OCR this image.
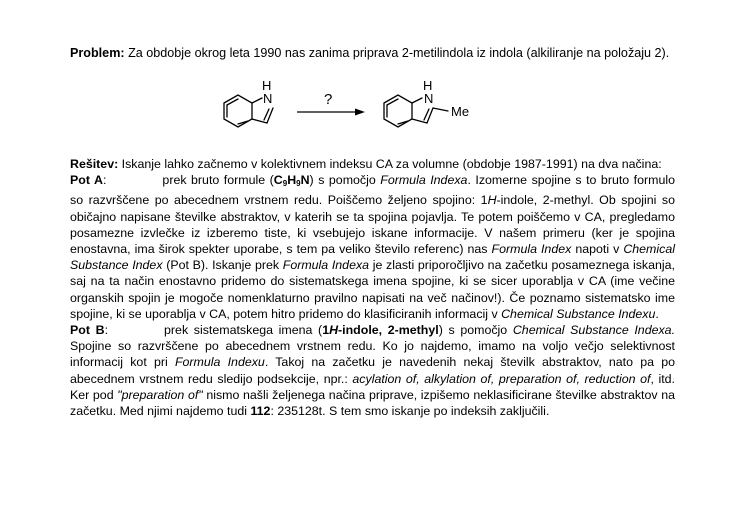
Problem: Za obdobje okrog leta 1990 nas zanima priprava 2-metilindola iz indola (alkiliranje na položaju 2).
H
N	?
H
N
Me

Rešitev: Iskanje lahko začnemo v kolektivnem indeksu CA za volumne (obdobje 1987-1991) na dva načina:

Pot A:	prek bruto formule $(C_9H_9N)$ s pomočjo Formula Indexa. Izomerne spojine s to bruto formulo so razvrščene po abecednem vrstnem redu. Poiščemo željeno spojino: 1H-indole, 2-methyl. Ob spojini so običajno napisane številke abstraktov, v katerih se ta spojina pojavlja. Te potem poiščemo v CA, pregledamo posamezne izvlečke iz izberemo tiste, ki vsebujejo iskane informacije. V našem primeru (ker je spojina enostavna, ima širok spekter uporabe, s tem pa veliko število referenc) nas Formula Index napoti v Chemical Substance Index (Pot B). Iskanje prek Formula Indexa je zlasti priporočljivo na začetku posameznega iskanja, saj na ta način enostavno pridemo do sistematskega imena spojine, ki se sicer uporablja v CA (ime večine organskih spojin je mogoče nomenklaturno pravilno napisati na več načinov!). Če poznamo sistematsko ime spojine, ki se uporablja v CA, potem hitro pridemo do klasificiranih informacij v Chemical Substance Indexu.

Pot B:	prek sistematskega imena (1H-indole, 2-methyl) s pomočjo Chemical Substance Indexa. Spojine so razvrščene po abecednem vrstnem redu. Ko jo najdemo, imamo na voljo večjo selektivnost informacij kot pri Formula Indexu. Takoj na začetku je navedenih nekaj številk abstraktov, nato pa po abecednem vrstnem redu sledijo podsekcije, npr.: acylation of, alkylation of, preparation of, reduction of, itd. Ker pod "preparation of" nismo našli željenega načina priprave, izpišemo neklasificirane številke abstraktov na začetku. Med njimi najdemo tudi 112: 235128t. S tem smo iskanje po indeksih zaključili.
